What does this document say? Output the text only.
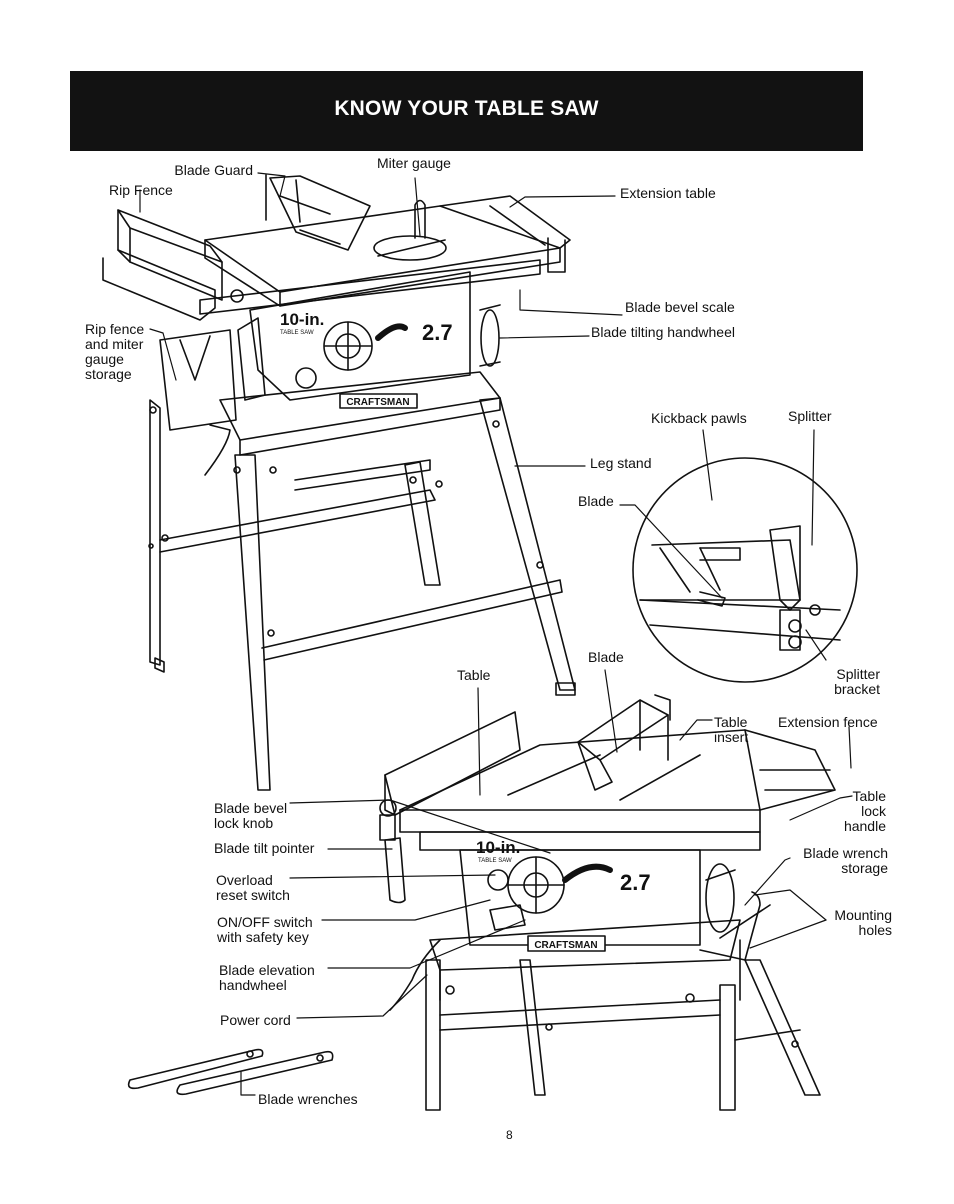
KNOW YOUR TABLE SAW
CRAFTSMAN
CRAFTSMAN
10-in.
TABLE SAW	2.7
10-in.
TABLE SAW
2.7
Blade Guard
Rip Fence
Miter gauge
Extension table
Blade bevel scale
Blade tilting handwheel
Rip fence
and miter
gauge
storage
Kickback pawls	Splitter
Leg stand
Blade
Splitter
bracket
Table
Blade
Table
insert
Extension fence
Blade bevel
lock knob
Table
lock
handle
Blade tilt pointer	Blade wrench
storage
Overload
reset switch
Mounting
holes
ON/OFF switch
with safety key
Blade elevation
handwheel
Power cord
Blade wrenches
8
